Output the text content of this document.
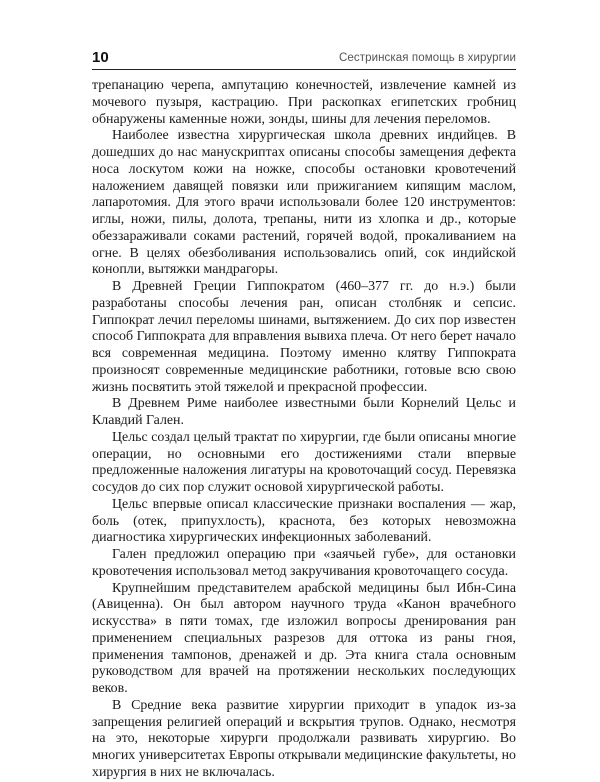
10	Сестринская помощь в хирургии

трепанацию черепа, ампутацию конечностей, извлечение камней из мочевого пузыря, кастрацию. При раскопках египетских гробниц обнаружены каменные ножи, зонды, шины для лечения переломов.

Наиболее известна хирургическая школа древних индийцев. В дошедших до нас манускриптах описаны способы замещения дефекта носа лоскутом кожи на ножке, способы остановки кровотечений наложением давящей повязки или прижиганием кипящим маслом, лапаротомия. Для этого врачи использовали более 120 инструментов: иглы, ножи, пилы, долота, трепаны, нити из хлопка и др., которые обеззараживали соками растений, горячей водой, прокаливанием на огне. В целях обезболивания использовались опий, сок индийской конопли, вытяжки мандрагоры.

В Древней Греции Гиппократом (460–377 гг. до н.э.) были разработаны способы лечения ран, описан столбняк и сепсис. Гиппократ лечил переломы шинами, вытяжением. До сих пор известен способ Гиппократа для вправления вывиха плеча. От него берет начало вся современная медицина. Поэтому именно клятву Гиппократа произносят современные медицинские работники, готовые всю свою жизнь посвятить этой тяжелой и прекрасной профессии.

В Древнем Риме наиболее известными были Корнелий Цельс и Клавдий Гален.

Цельс создал целый трактат по хирургии, где были описаны многие операции, но основными его достижениями стали впервые предложенные наложения лигатуры на кровоточащий сосуд. Перевязка сосудов до сих пор служит основой хирургической работы.

Цельс впервые описал классические признаки воспаления — жар, боль (отек, припухлость), краснота, без которых невозможна диагностика хирургических инфекционных заболеваний.

Гален предложил операцию при «заячьей губе», для остановки кровотечения использовал метод закручивания кровоточащего сосуда.

Крупнейшим представителем арабской медицины был Ибн-Сина (Авиценна). Он был автором научного труда «Канон врачебного искусства» в пяти томах, где изложил вопросы дренирования ран применением специальных разрезов для оттока из раны гноя, применения тампонов, дренажей и др. Эта книга стала основным руководством для врачей на протяжении нескольких последующих веков.

В Средние века развитие хирургии приходит в упадок из-за запрещения религией операций и вскрытия трупов. Однако, несмотря на это, некоторые хирурги продолжали развивать хирургию. Во многих университетах Европы открывали медицинские факультеты, но хирургия в них не включалась.
